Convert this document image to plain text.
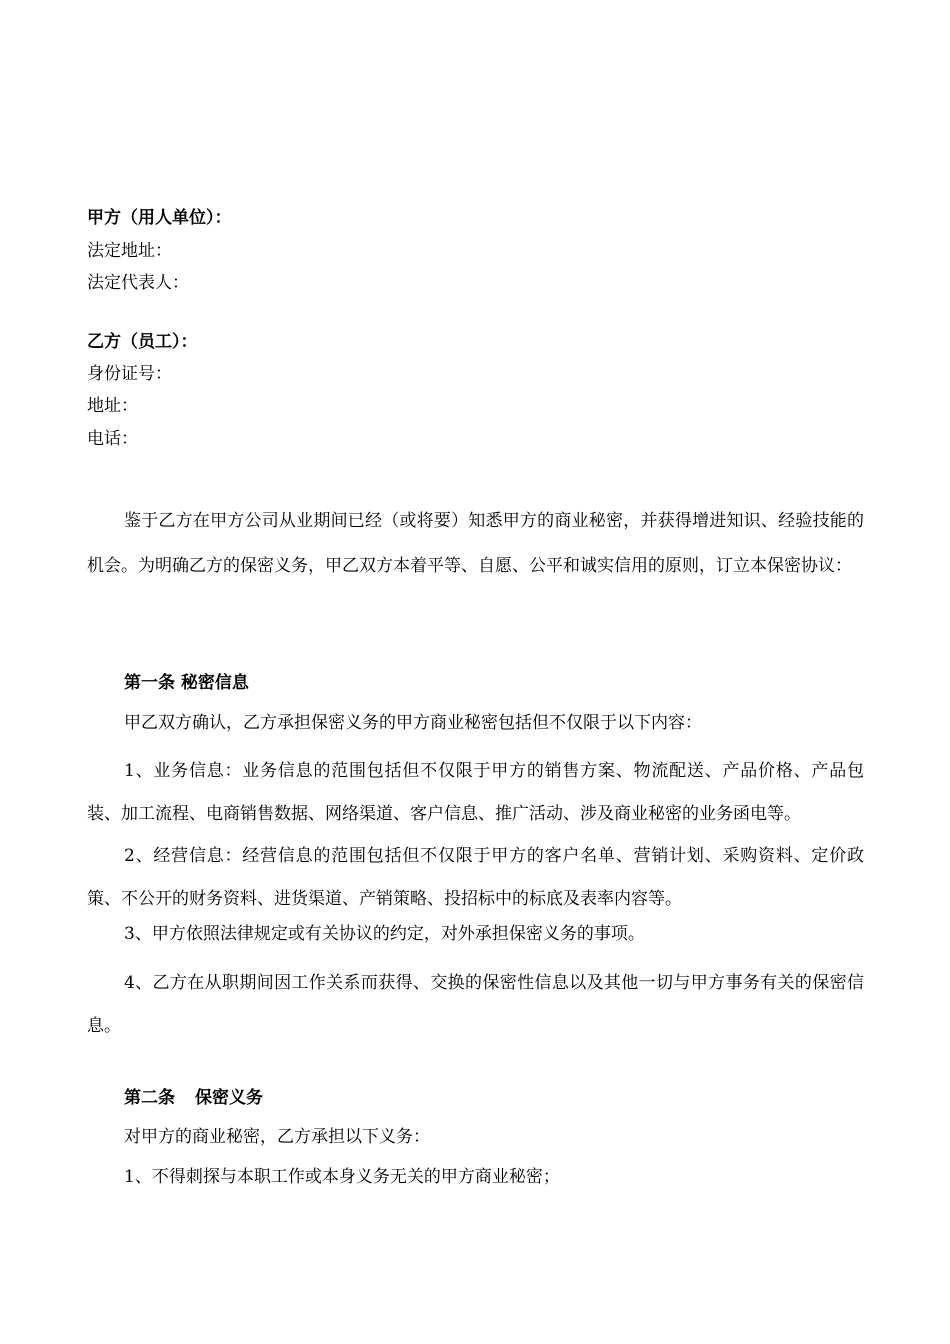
甲方（用人单位）：
法定地址：
法定代表人：
乙方（员工）：
身份证号：
地址：
电话：
鉴于乙方在甲方公司从业期间已经（或将要）知悉甲方的商业秘密，并获得增进知识、经验技能的机会。为明确乙方的保密义务，甲乙双方本着平等、自愿、公平和诚实信用的原则，订立本保密协议：
第一条 秘密信息
甲乙双方确认，乙方承担保密义务的甲方商业秘密包括但不仅限于以下内容：
1、业务信息：业务信息的范围包括但不仅限于甲方的销售方案、物流配送、产品价格、产品包装、加工流程、电商销售数据、网络渠道、客户信息、推广活动、涉及商业秘密的业务函电等。
2、经营信息：经营信息的范围包括但不仅限于甲方的客户名单、营销计划、采购资料、定价政策、不公开的财务资料、进货渠道、产销策略、投招标中的标底及表率内容等。
3、甲方依照法律规定或有关协议的约定，对外承担保密义务的事项。
4、乙方在从职期间因工作关系而获得、交换的保密性信息以及其他一切与甲方事务有关的保密信息。
第二条 保密义务
对甲方的商业秘密，乙方承担以下义务：
1、不得刺探与本职工作或本身义务无关的甲方商业秘密；
